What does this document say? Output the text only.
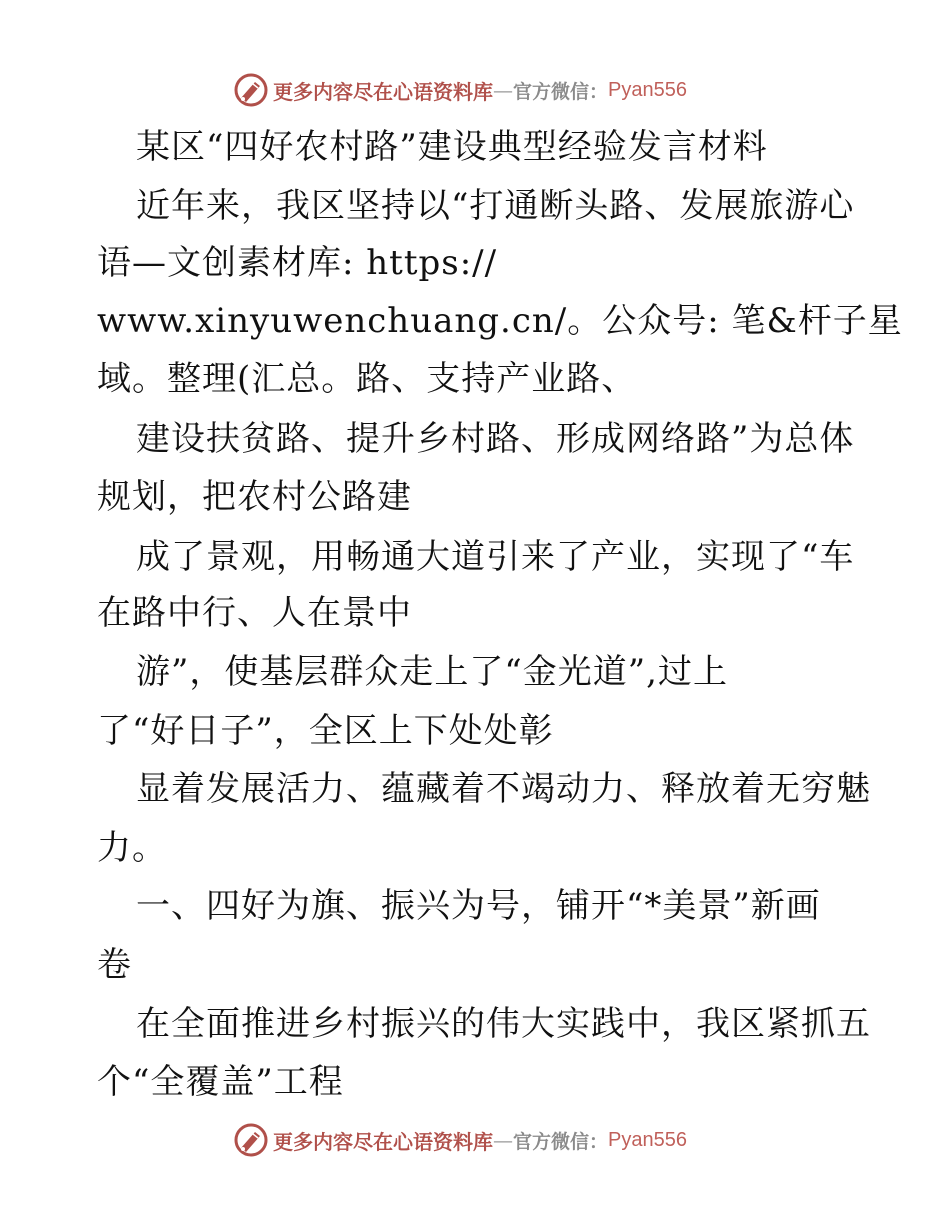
更多内容尽在心语资料库 — 官方微信： Pyan556
某区“四好农村路”建设典型经验发言材料
近年来，我区坚持以“打通断头路、发展旅游心
语—文创素材库: https://
www.xinyuwenchuang.cn/。公众号: 笔&杆子星
域。整理(汇总。路、支持产业路、
建设扶贫路、提升乡村路、形成网络路”为总体
规划，把农村公路建
成了景观，用畅通大道引来了产业，实现了“车
在路中行、人在景中
游”，使基层群众走上了“金光道”,过上
了“好日子”，全区上下处处彰
显着发展活力、蕴藏着不竭动力、释放着无穷魅
力。
一、四好为旗、振兴为号，铺开“*美景”新画
卷
在全面推进乡村振兴的伟大实践中，我区紧抓五
个“全覆盖”工程
更多内容尽在心语资料库 — 官方微信： Pyan556
